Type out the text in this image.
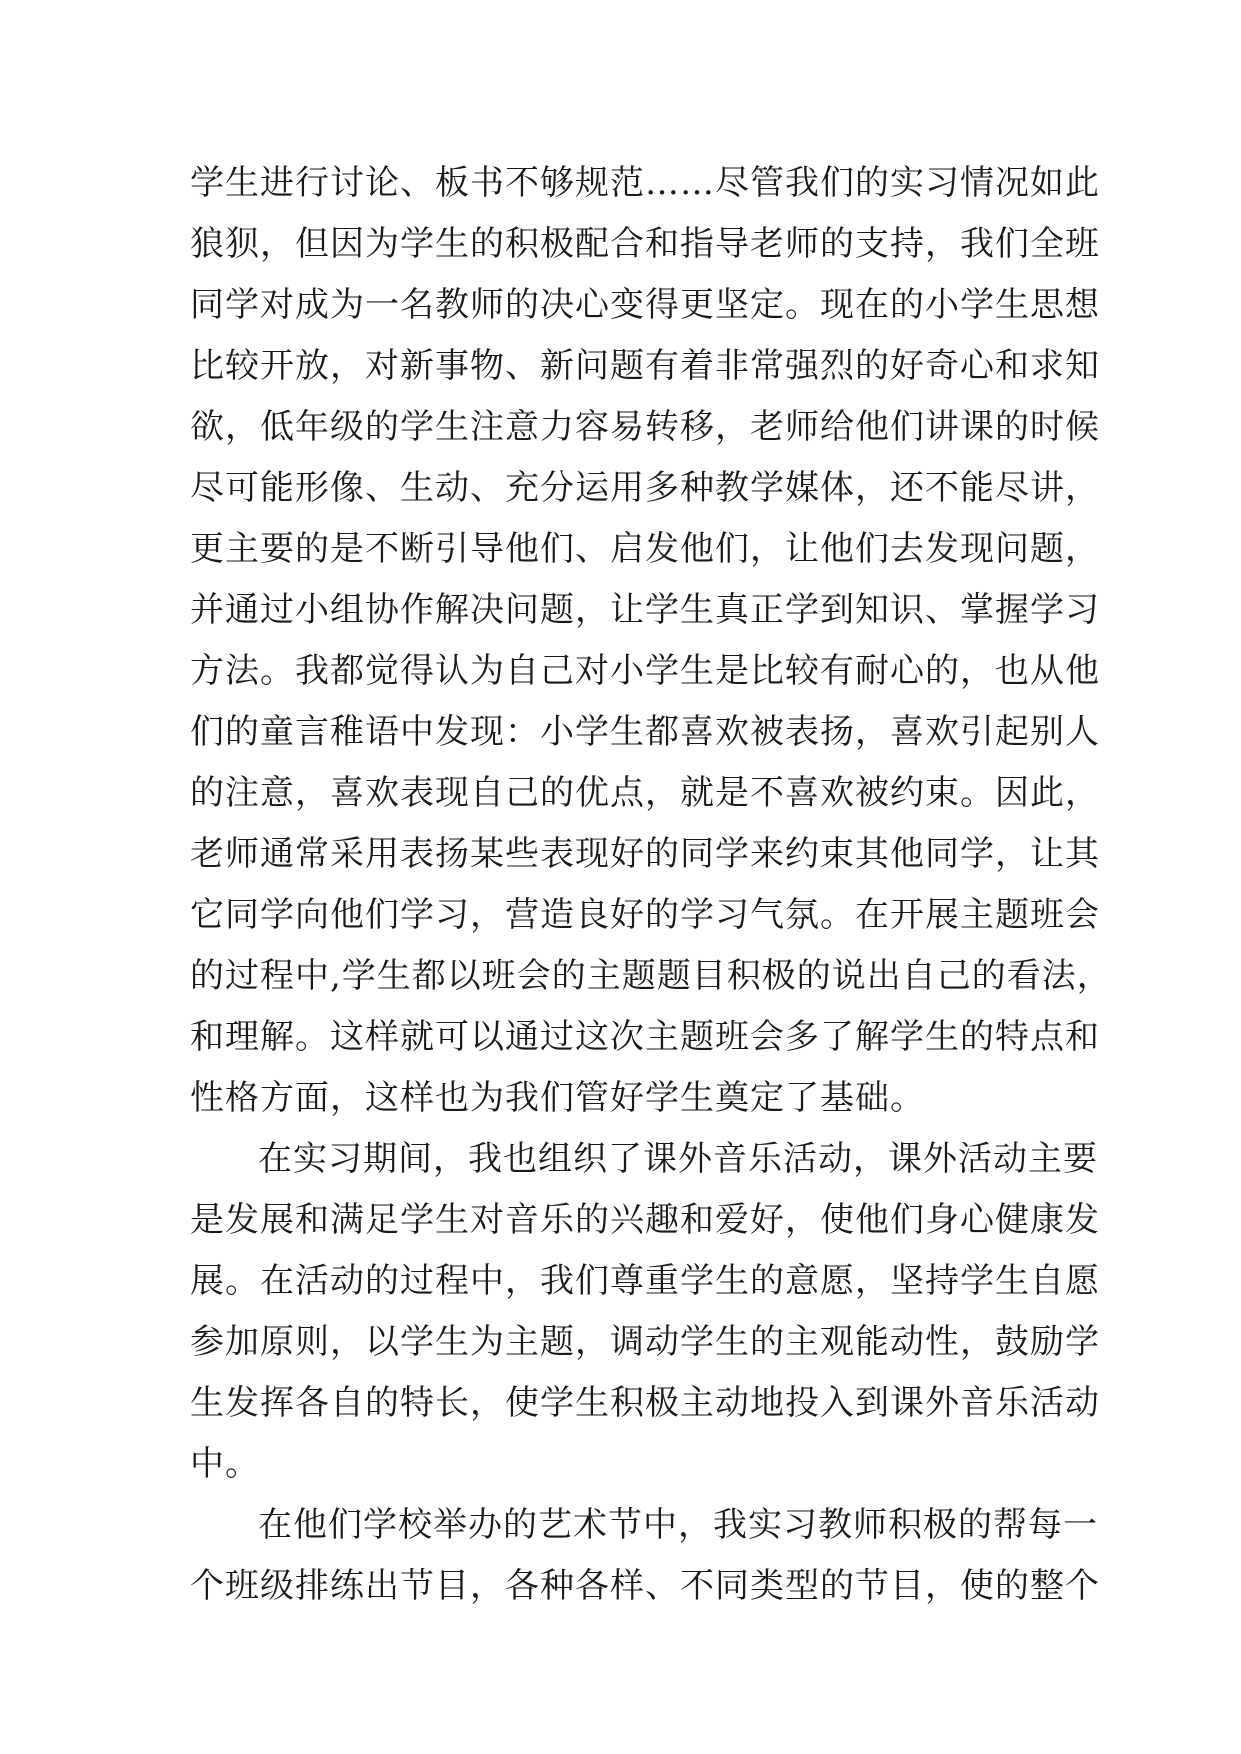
学生进行讨论、板书不够规范……尽管我们的实习情况如此
狼狈，但因为学生的积极配合和指导老师的支持，我们全班
同学对成为一名教师的决心变得更坚定。现在的小学生思想
比较开放，对新事物、新问题有着非常强烈的好奇心和求知
欲，低年级的学生注意力容易转移，老师给他们讲课的时候
尽可能形像、生动、充分运用多种教学媒体，还不能尽讲，
更主要的是不断引导他们、启发他们，让他们去发现问题，
并通过小组协作解决问题，让学生真正学到知识、掌握学习
方法。我都觉得认为自己对小学生是比较有耐心的，也从他
们的童言稚语中发现：小学生都喜欢被表扬，喜欢引起别人
的注意，喜欢表现自己的优点，就是不喜欢被约束。因此，
老师通常采用表扬某些表现好的同学来约束其他同学，让其
它同学向他们学习，营造良好的学习气氛。在开展主题班会
的过程中,学生都以班会的主题题目积极的说出自己的看法，
和理解。这样就可以通过这次主题班会多了解学生的特点和
性格方面，这样也为我们管好学生奠定了基础。
在实习期间，我也组织了课外音乐活动，课外活动主要
是发展和满足学生对音乐的兴趣和爱好，使他们身心健康发
展。在活动的过程中，我们尊重学生的意愿，坚持学生自愿
参加原则，以学生为主题，调动学生的主观能动性，鼓励学
生发挥各自的特长，使学生积极主动地投入到课外音乐活动
中。
在他们学校举办的艺术节中，我实习教师积极的帮每一
个班级排练出节目，各种各样、不同类型的节目，使的整个
